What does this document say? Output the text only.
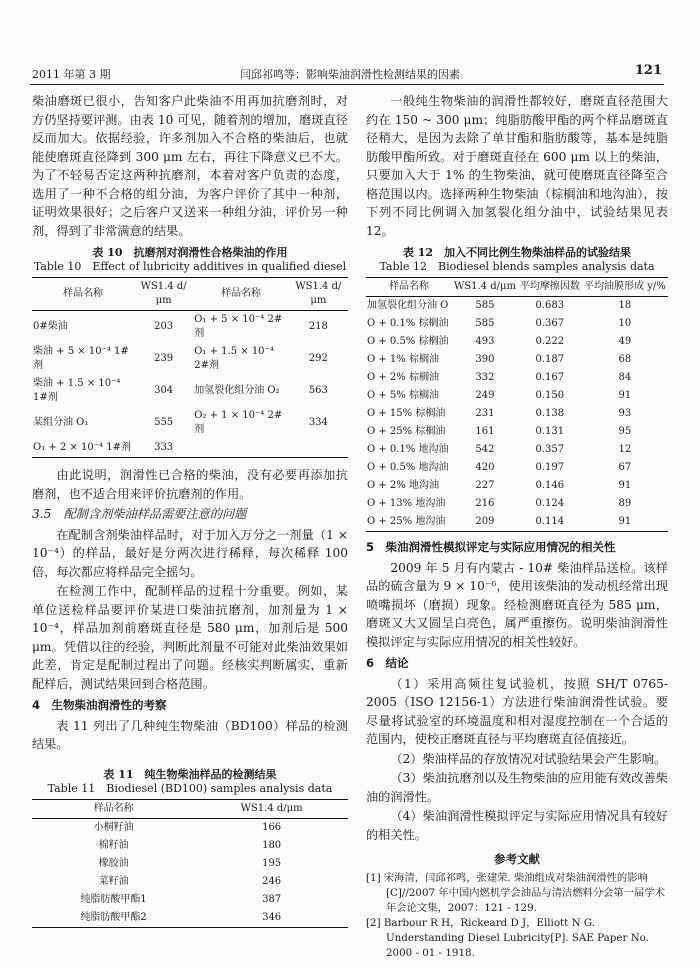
2011 年第 3 期	闫邱祁鸣等：影响柴油润滑性检测结果的因素	121

柴油磨斑已很小，告知客户此柴油不用再加抗磨剂时，对方仍坚持要评测。由表 10 可见，随着剂的增加，磨斑直径反而加大。依据经验，许多剂加入不合格的柴油后，也就能使磨斑直径降到 300 μm 左右，再往下降意义已不大。为了不轻易否定这两种抗磨剂，本着对客户负责的态度，选用了一种不合格的组分油，为客户评价了其中一种剂，证明效果很好；之后客户又送来一种组分油，评价另一种剂，得到了非常满意的结果。

表 10　抗磨剂对润滑性合格柴油的作用
Table 10　Effect of lubricity additives in qualified diesel
样品名称	WS1.4 d/μm	样品名称	WS1.4 d/μm
0#柴油	203	O₁ + 5 × 10⁻⁴ 2#剂	218
柴油 + 5 × 10⁻⁴ 1#剂	239	O₁ + 1.5 × 10⁻⁴ 2#剂	292
柴油 + 1.5 × 10⁻⁴ 1#剂	304	加氢裂化组分油 O₂	563
某组分油 O₁	555	O₂ + 1 × 10⁻⁴ 2#剂	334
O₁ + 2 × 10⁻⁴ 1#剂	333		

由此说明，润滑性已合格的柴油，没有必要再添加抗磨剂，也不适合用来评价抗磨剂的作用。

3.5　配制含剂柴油样品需要注意的问题

在配制含剂柴油样品时，对于加入万分之一剂量（1 × 10⁻⁴）的样品，最好是分两次进行稀释，每次稀释 100 倍，每次都应将样品完全摇匀。

在检测工作中，配制样品的过程十分重要。例如，某单位送检样品要评价某进口柴油抗磨剂，加剂量为 1 × 10⁻⁴，样品加剂前磨斑直径是 580 μm，加剂后是 500 μm。凭借以往的经验，判断此剂量不可能对此柴油效果如此差，肯定是配制过程出了问题。经核实判断属实，重新配样后，测试结果回到合格范围。

4　生物柴油润滑性的考察

表 11 列出了几种纯生物柴油（BD100）样品的检测结果。

表 11　纯生物柴油样品的检测结果
Table 11　Biodiesel (BD100) samples analysis data
样品名称	WS1.4 d/μm
小桐籽油	166
棉籽油	180
橡胶油	195
菜籽油	246
纯脂肪酸甲酯1	387
纯脂肪酸甲酯2	346

一般纯生物柴油的润滑性都较好，磨斑直径范围大约在 150 ~ 300 μm；纯脂肪酸甲酯的两个样品磨斑直径稍大，是因为去除了单甘酯和脂肪酸等，基本是纯脂肪酸甲酯所致。对于磨斑直径在 600 μm 以上的柴油，只要加入大于 1% 的生物柴油，就可使磨斑直径降至合格范围以内。选择两种生物柴油（棕榈油和地沟油），按下列不同比例调入加氢裂化组分油中，试验结果见表 12。

表 12　加入不同比例生物柴油样品的试验结果
Table 12　Biodiesel blends samples analysis data
样品名称	WS1.4 d/μm	平均摩擦因数	平均油膜形成 y/%
加氢裂化组分油 O	585	0.683	18
O + 0.1% 棕榈油	585	0.367	10
O + 0.5% 棕榈油	493	0.222	49
O + 1% 棕榈油	390	0.187	68
O + 2% 棕榈油	332	0.167	84
O + 5% 棕榈油	249	0.150	91
O + 15% 棕榈油	231	0.138	93
O + 25% 棕榈油	161	0.131	95
O + 0.1% 地沟油	542	0.357	12
O + 0.5% 地沟油	420	0.197	67
O + 2% 地沟油	227	0.146	91
O + 13% 地沟油	216	0.124	89
O + 25% 地沟油	209	0.114	91
5　柴油润滑性模拟评定与实际应用情况的相关性

2009 年 5 月有内蒙古 - 10# 柴油样品送检。该样品的硫含量为 9 × 10⁻⁶，使用该柴油的发动机经常出现喷嘴损坏（磨损）现象。经检测磨斑直径为 585 μm，磨斑又大又圆呈白亮色，属严重擦伤。说明柴油润滑性模拟评定与实际应用情况的相关性较好。

6　结论

（1）采用高频往复试验机，按照 SH/T 0765-2005（ISO 12156-1）方法进行柴油润滑性试验。要尽量将试验室的环境温度和相对湿度控制在一个合适的范围内，使校正磨斑直径与平均磨斑直径值接近。

（2）柴油样品的存放情况对试验结果会产生影响。

（3）柴油抗磨剂以及生物柴油的应用能有效改善柴油的润滑性。

（4）柴油润滑性模拟评定与实际应用情况具有较好的相关性。

参考文献

[1] 宋海清，闫邱祁鸣，张建荣. 柴油组成对柴油润滑性的影响[C]//2007 年中国内燃机学会油品与清洁燃料分会第一届学术年会论文集，2007：121 - 129.

[2] Barbour R H，Rickeard D J，Elliott N G. Understanding Diesel Lubricity[P]. SAE Paper No. 2000 - 01 - 1918.
